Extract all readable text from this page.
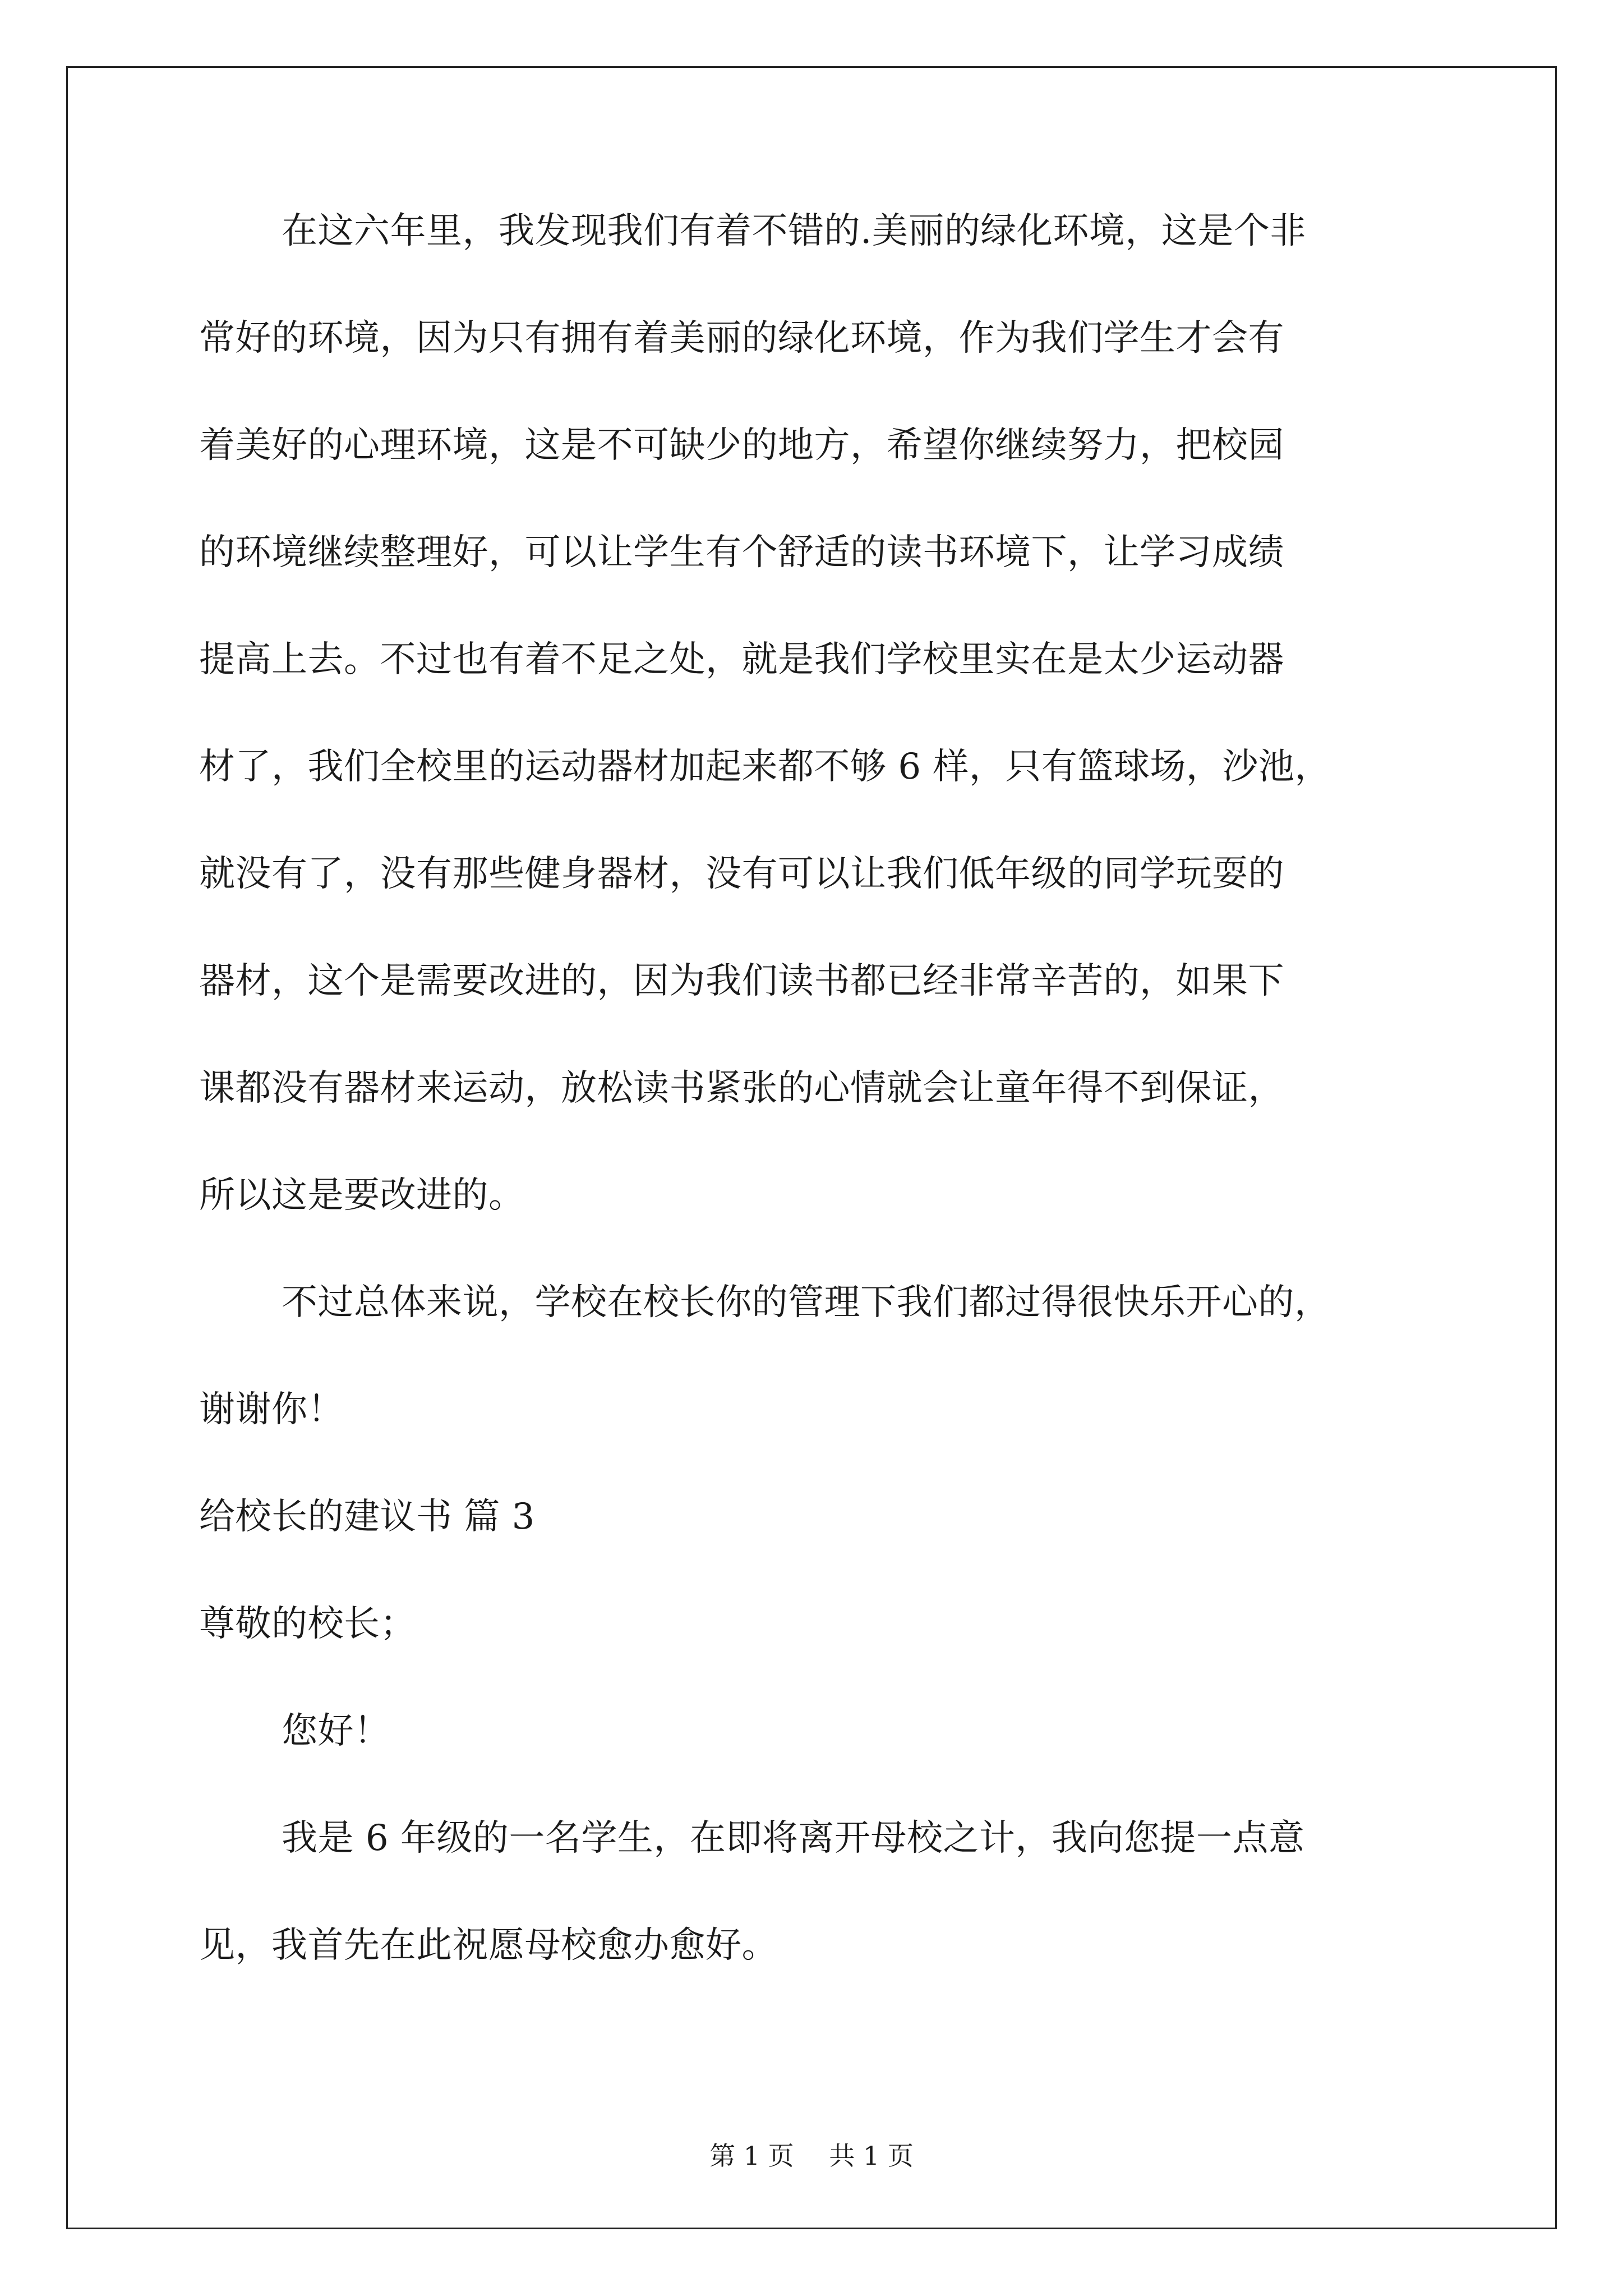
在这六年里，我发现我们有着不错的.美丽的绿化环境，这是个非

常好的环境，因为只有拥有着美丽的绿化环境，作为我们学生才会有

着美好的心理环境，这是不可缺少的地方，希望你继续努力，把校园

的环境继续整理好，可以让学生有个舒适的读书环境下，让学习成绩

提高上去。不过也有着不足之处，就是我们学校里实在是太少运动器

材了，我们全校里的运动器材加起来都不够 6 样，只有篮球场，沙池，

就没有了，没有那些健身器材，没有可以让我们低年级的同学玩耍的

器材，这个是需要改进的，因为我们读书都已经非常辛苦的，如果下

课都没有器材来运动，放松读书紧张的心情就会让童年得不到保证，

所以这是要改进的。

不过总体来说，学校在校长你的管理下我们都过得很快乐开心的，

谢谢你！

给校长的建议书 篇 3

尊敬的校长；

您好！

我是 6 年级的一名学生，在即将离开母校之计，我向您提一点意

见，我首先在此祝愿母校愈办愈好。

第 1 页 共 1 页
